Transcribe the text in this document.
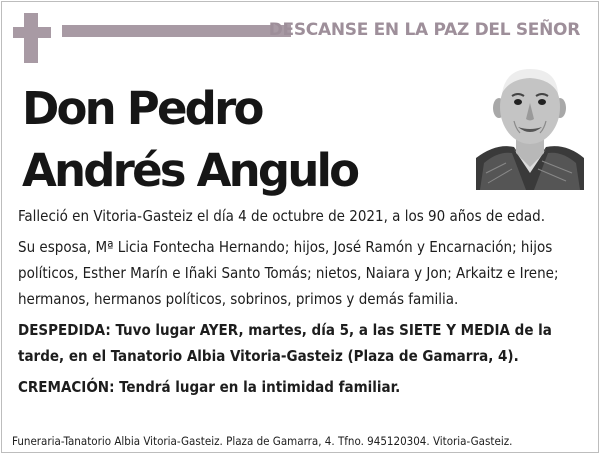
DESCANSE EN LA PAZ DEL SEÑOR
Don Pedro
Andrés Angulo

Falleció en Vitoria-Gasteiz el día 4 de octubre de 2021, a los 90 años de edad.

Su esposa, Mª Licia Fontecha Hernando; hijos, José Ramón y Encarnación; hijos políticos, Esther Marín e Iñaki Santo Tomás; nietos, Naiara y Jon; Arkaitz e Irene; hermanos, hermanos políticos, sobrinos, primos y demás familia.

DESPEDIDA: Tuvo lugar AYER, martes, día 5, a las SIETE Y MEDIA de la tarde, en el Tanatorio Albia Vitoria-Gasteiz (Plaza de Gamarra, 4).

CREMACIÓN: Tendrá lugar en la intimidad familiar.

Funeraria-Tanatorio Albia Vitoria-Gasteiz. Plaza de Gamarra, 4. Tfno. 945120304. Vitoria-Gasteiz.
